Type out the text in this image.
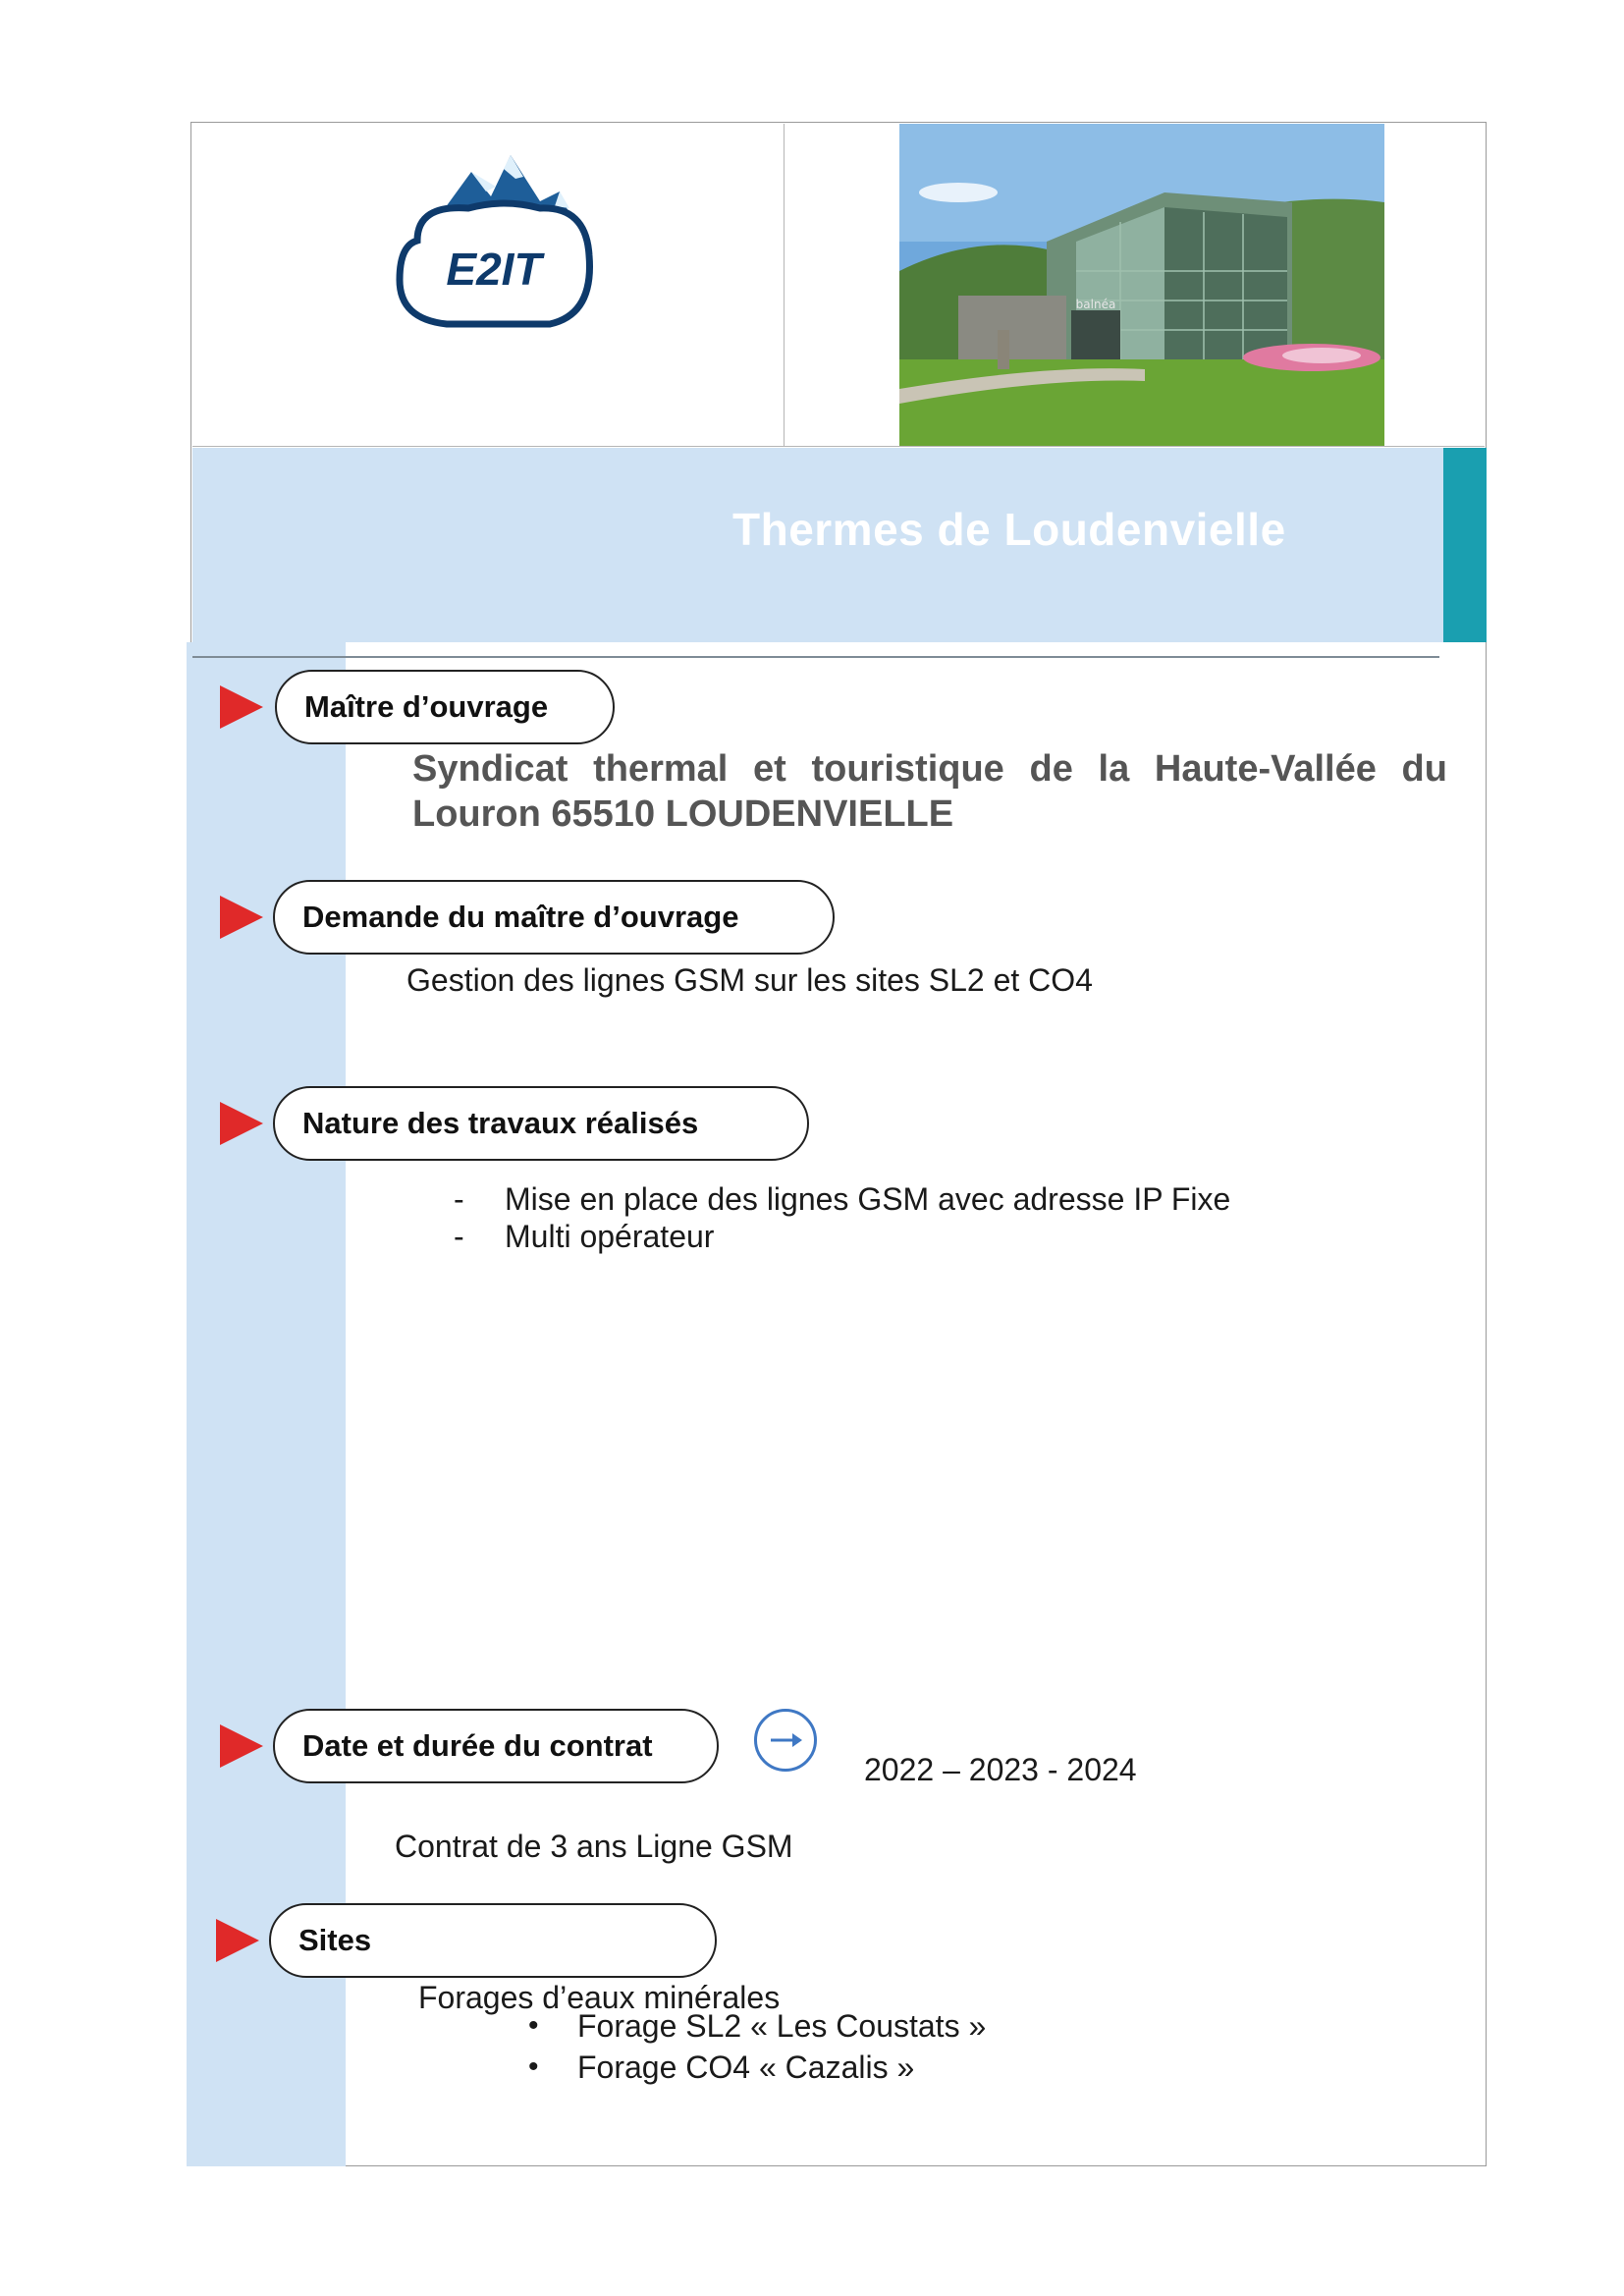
E2IT
balnéa
Thermes de Loudenvielle
Maître d’ouvrage
Syndicat thermal et touristique de la Haute-Vallée du Louron 65510 LOUDENVIELLE
Demande du maître d’ouvrage
Gestion des lignes GSM sur les sites SL2 et CO4
Nature des travaux réalisés
- Mise en place des lignes GSM avec adresse IP Fixe
- Multi opérateur
Date et durée du contrat
2022 – 2023 - 2024
Contrat de 3 ans Ligne GSM
Sites
Forages d’eaux minérales
• Forage SL2 « Les Coustats »
• Forage CO4 « Cazalis »
